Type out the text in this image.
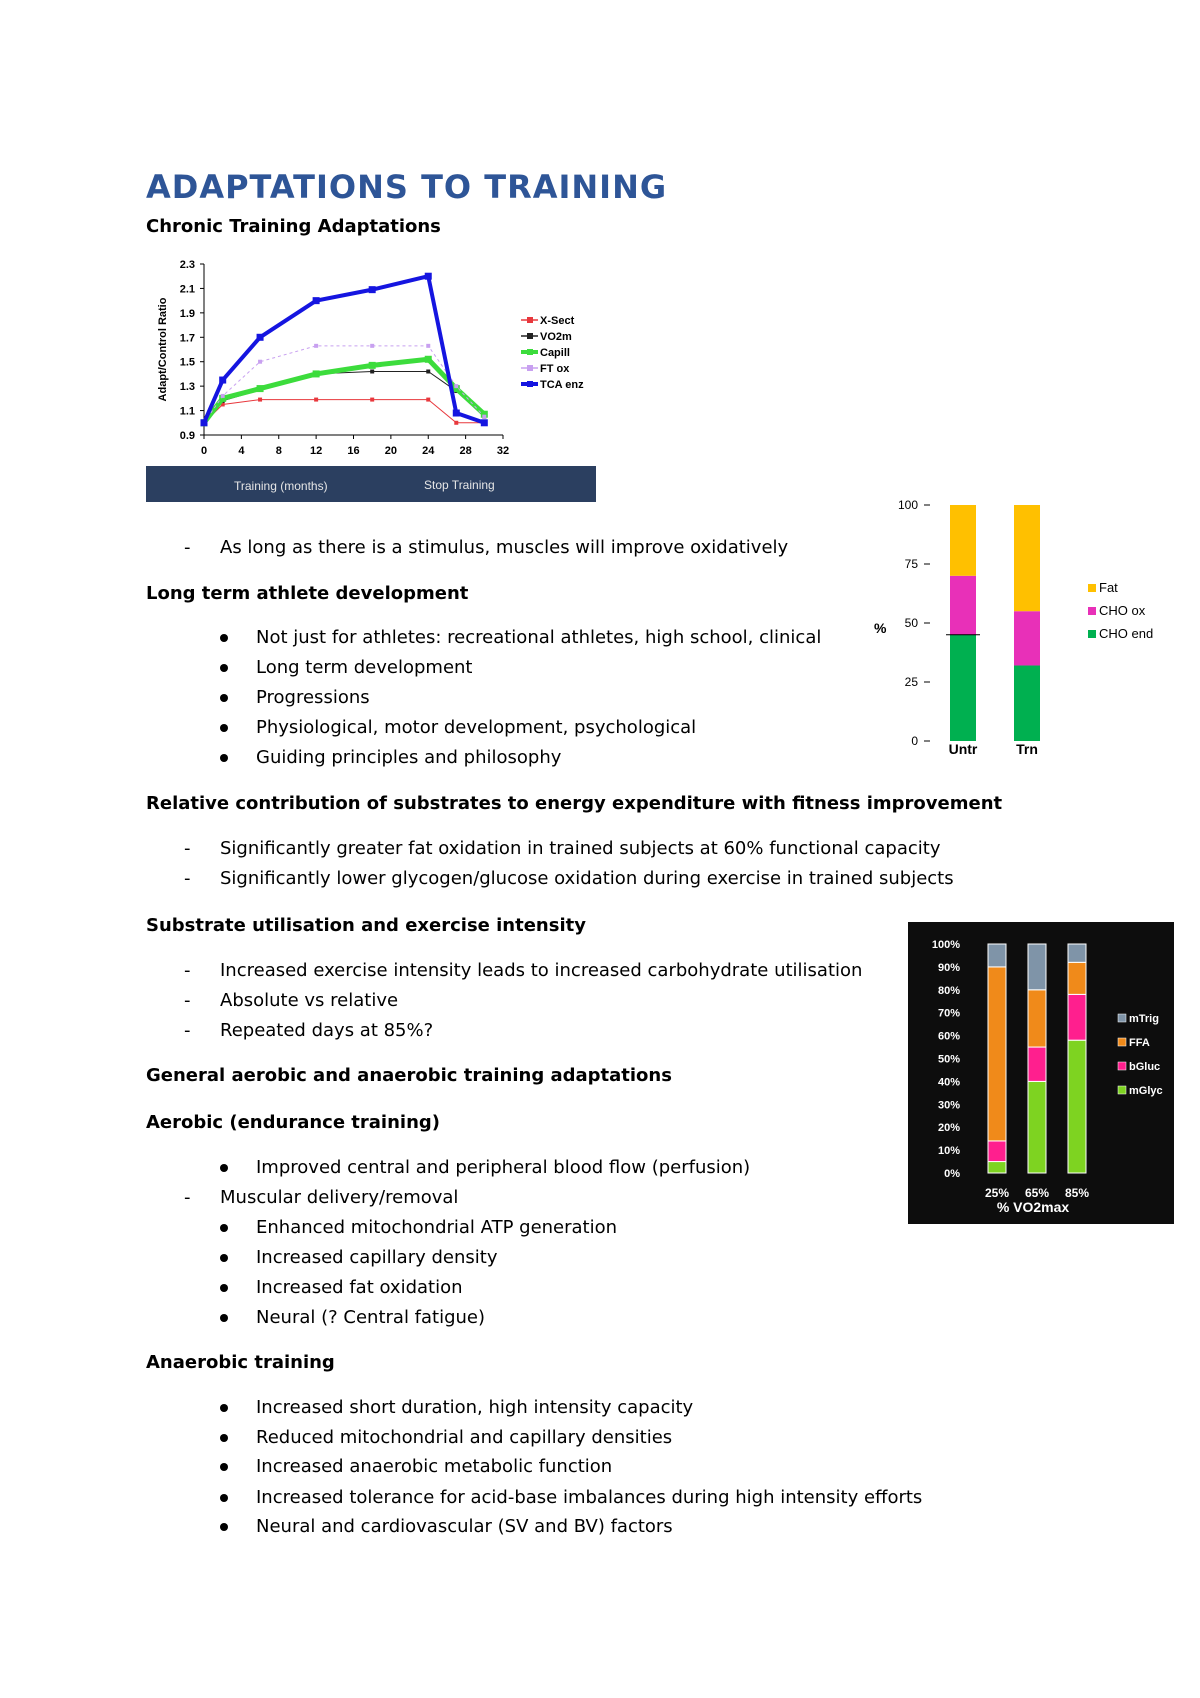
ADAPTATIONS TO TRAINING
Chronic Training Adaptations
0.9
1.1
1.3
1.5
1.7
1.9
2.1
2.3
0	4	8	12 16 20 24 28 32
Adapt/Control Ratio	X-Sect
VO2m
Capill
FT ox
TCA enz
Training (months)	Stop Training
- As long as there is a stimulus, muscles will improve oxidatively
Long term athlete development
Not just for athletes: recreational athletes, high school, clinical
Long term development
Progressions
Physiological, motor development, psychological
Guiding principles and philosophy
100
75
50
25
0
%
Untr	Trn
Fat
CHO ox
CHO end
Relative contribution of substrates to energy expenditure with fitness improvement
- Significantly greater fat oxidation in trained subjects at 60% functional capacity
- Significantly lower glycogen/glucose oxidation during exercise in trained subjects
Substrate utilisation and exercise intensity
- Increased exercise intensity leads to increased carbohydrate utilisation
- Absolute vs relative
- Repeated days at 85%?
100%
90%
80%
70%
60%
50%
40%
30%
20%
10%
0%
25% 65% 85%
% VO2max
mTrig
FFA
bGluc
mGlyc
General aerobic and anaerobic training adaptations
Aerobic (endurance training)
Improved central and peripheral blood flow (perfusion)
- Muscular delivery/removal
Enhanced mitochondrial ATP generation
Increased capillary density
Increased fat oxidation
Neural (? Central fatigue)
Anaerobic training
Increased short duration, high intensity capacity
Reduced mitochondrial and capillary densities
Increased anaerobic metabolic function
Increased tolerance for acid-base imbalances during high intensity efforts
Neural and cardiovascular (SV and BV) factors
